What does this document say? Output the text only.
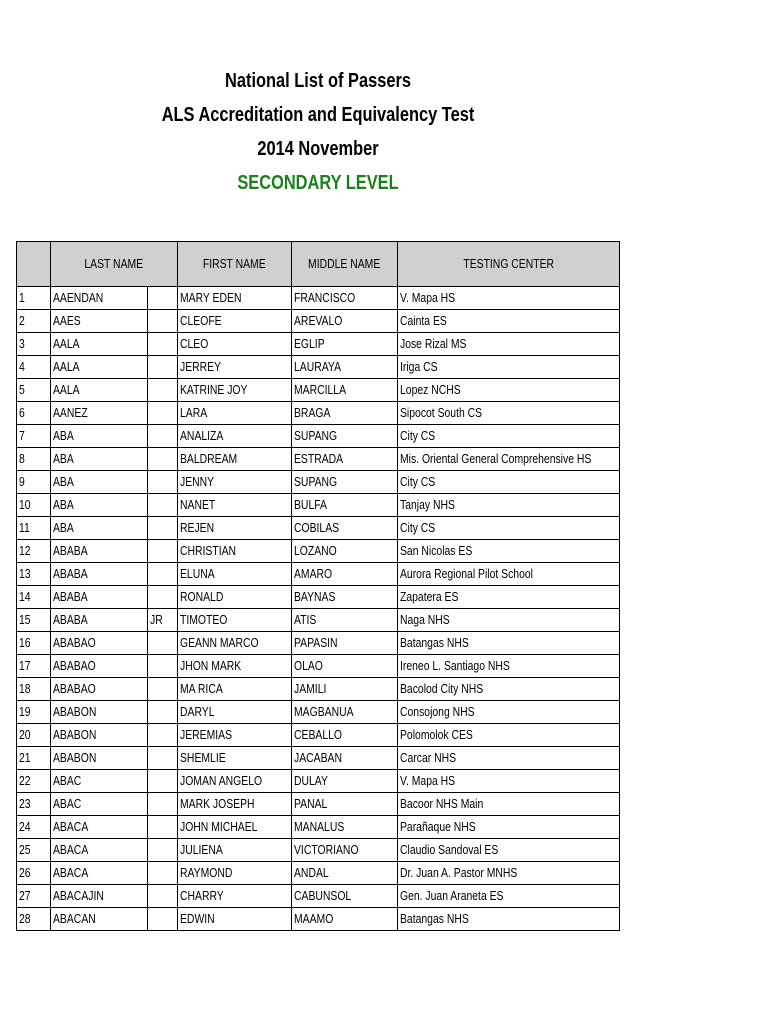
National List of Passers
ALS Accreditation and Equivalency Test
2014 November
SECONDARY LEVEL
	LAST NAME		FIRST NAME	MIDDLE NAME	TESTING CENTER
1	AAENDAN		MARY EDEN	FRANCISCO	V. Mapa HS
2	AAES		CLEOFE	AREVALO	Cainta ES
3	AALA		CLEO	EGLIP	Jose Rizal MS
4	AALA		JERREY	LAURAYA	Iriga CS
5	AALA		KATRINE JOY	MARCILLA	Lopez NCHS
6	AANEZ		LARA	BRAGA	Sipocot South CS
7	ABA		ANALIZA	SUPANG	City CS
8	ABA		BALDREAM	ESTRADA	Mis. Oriental General Comprehensive HS
9	ABA		JENNY	SUPANG	City CS
10	ABA		NANET	BULFA	Tanjay NHS
11	ABA		REJEN	COBILAS	City CS
12	ABABA		CHRISTIAN	LOZANO	San Nicolas ES
13	ABABA		ELUNA	AMARO	Aurora Regional Pilot School
14	ABABA		RONALD	BAYNAS	Zapatera ES
15	ABABA	JR	TIMOTEO	ATIS	Naga NHS
16	ABABAO		GEANN MARCO	PAPASIN	Batangas NHS
17	ABABAO		JHON MARK	OLAO	Ireneo L. Santiago NHS
18	ABABAO		MA RICA	JAMILI	Bacolod City NHS
19	ABABON		DARYL	MAGBANUA	Consojong NHS
20	ABABON		JEREMIAS	CEBALLO	Polomolok CES
21	ABABON		SHEMLIE	JACABAN	Carcar NHS
22	ABAC		JOMAN ANGELO	DULAY	V. Mapa HS
23	ABAC		MARK JOSEPH	PANAL	Bacoor NHS Main
24	ABACA		JOHN MICHAEL	MANALUS	Parañaque NHS
25	ABACA		JULIENA	VICTORIANO	Claudio Sandoval ES
26	ABACA		RAYMOND	ANDAL	Dr. Juan A. Pastor MNHS
27	ABACAJIN		CHARRY	CABUNSOL	Gen. Juan Araneta ES
28	ABACAN		EDWIN	MAAMO	Batangas NHS
